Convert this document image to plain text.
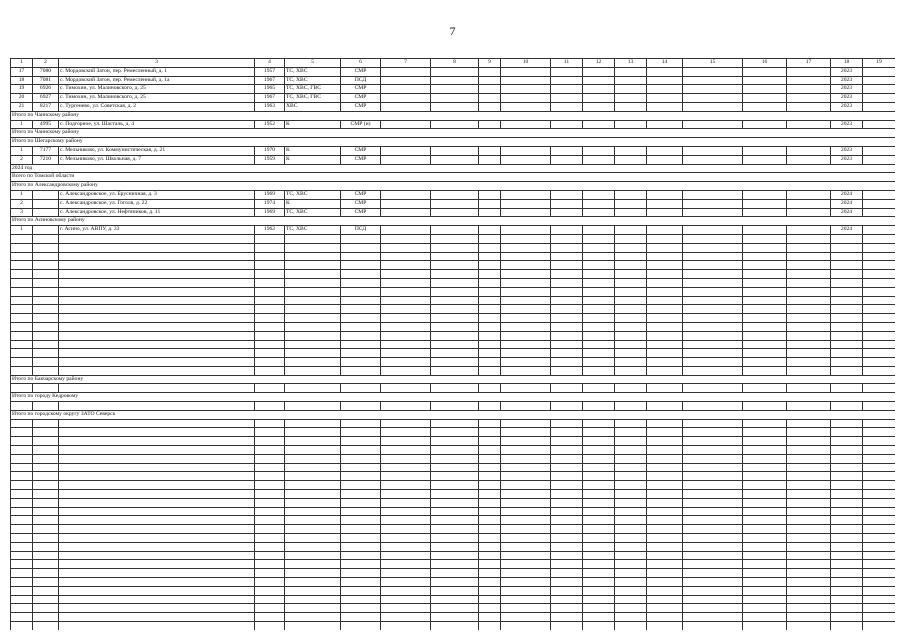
7
1	2	3	4	5	6	7	8	9	10	11	12	13	14	15	16	17	18	19
17	7080	с. Мордовский Затон, пер. Ремесленный, д. 1	1957	ТС, ХВС	СМР												2023	
18	7081	с. Мордовский Затон, пер. Ремесленный, д. 1а	1967	ТС, ХВС	ПСД												2023	
19	6926	с. Тимохин, ул. Малиновского, д. 25	1965	ТС, ХВС, ГВС	СМР												2023	
20	6927	с. Тимохин, ул. Малиновского, д. 25	1967	ТС, ХВС, ГВС	СМР												2023	
21	8217	с. Тургенево, ул. Советская, д. 2	1963	ХВС	СМР												2023	
Итого по Чаинскому району																		
1	4995	с. Подгорное, ул. Шасталь, д. 4	1952	К	СМР (и)												2023	
Итого по Чаинскому району																		
Итого по Шегарскому району																		
1	7177	с. Мельниково, ул. Коммунистическая, д. 21	1970	К	СМР												2023	
2	7210	с. Мельниково, ул. Школьная, д. 7	1959	К	СМР												2023	
2024 год																		
Всего по Томской области																		
Итого по Александровскому району																		
1		с. Александровское, ул. Брусничная, д. 3	1969	ТС, ХВС	СМР												2024	
2		с. Александровское, ул. Гоголя, д. 22	1974	К	СМР												2024	
3		с. Александровское, ул. Нефтяников, д. 11	1969	ТС, ХВС	СМР												2024	
Итого по Асиновскому району																		
1		г. Асино, ул. АВПУ, д. 33	1962	ТС, ХВС	ПСД												2024	

Итого по Бакчарскому району																		

Итого по городу Кедровому																		

Итого по городскому округу ЗАТО Северск																		
